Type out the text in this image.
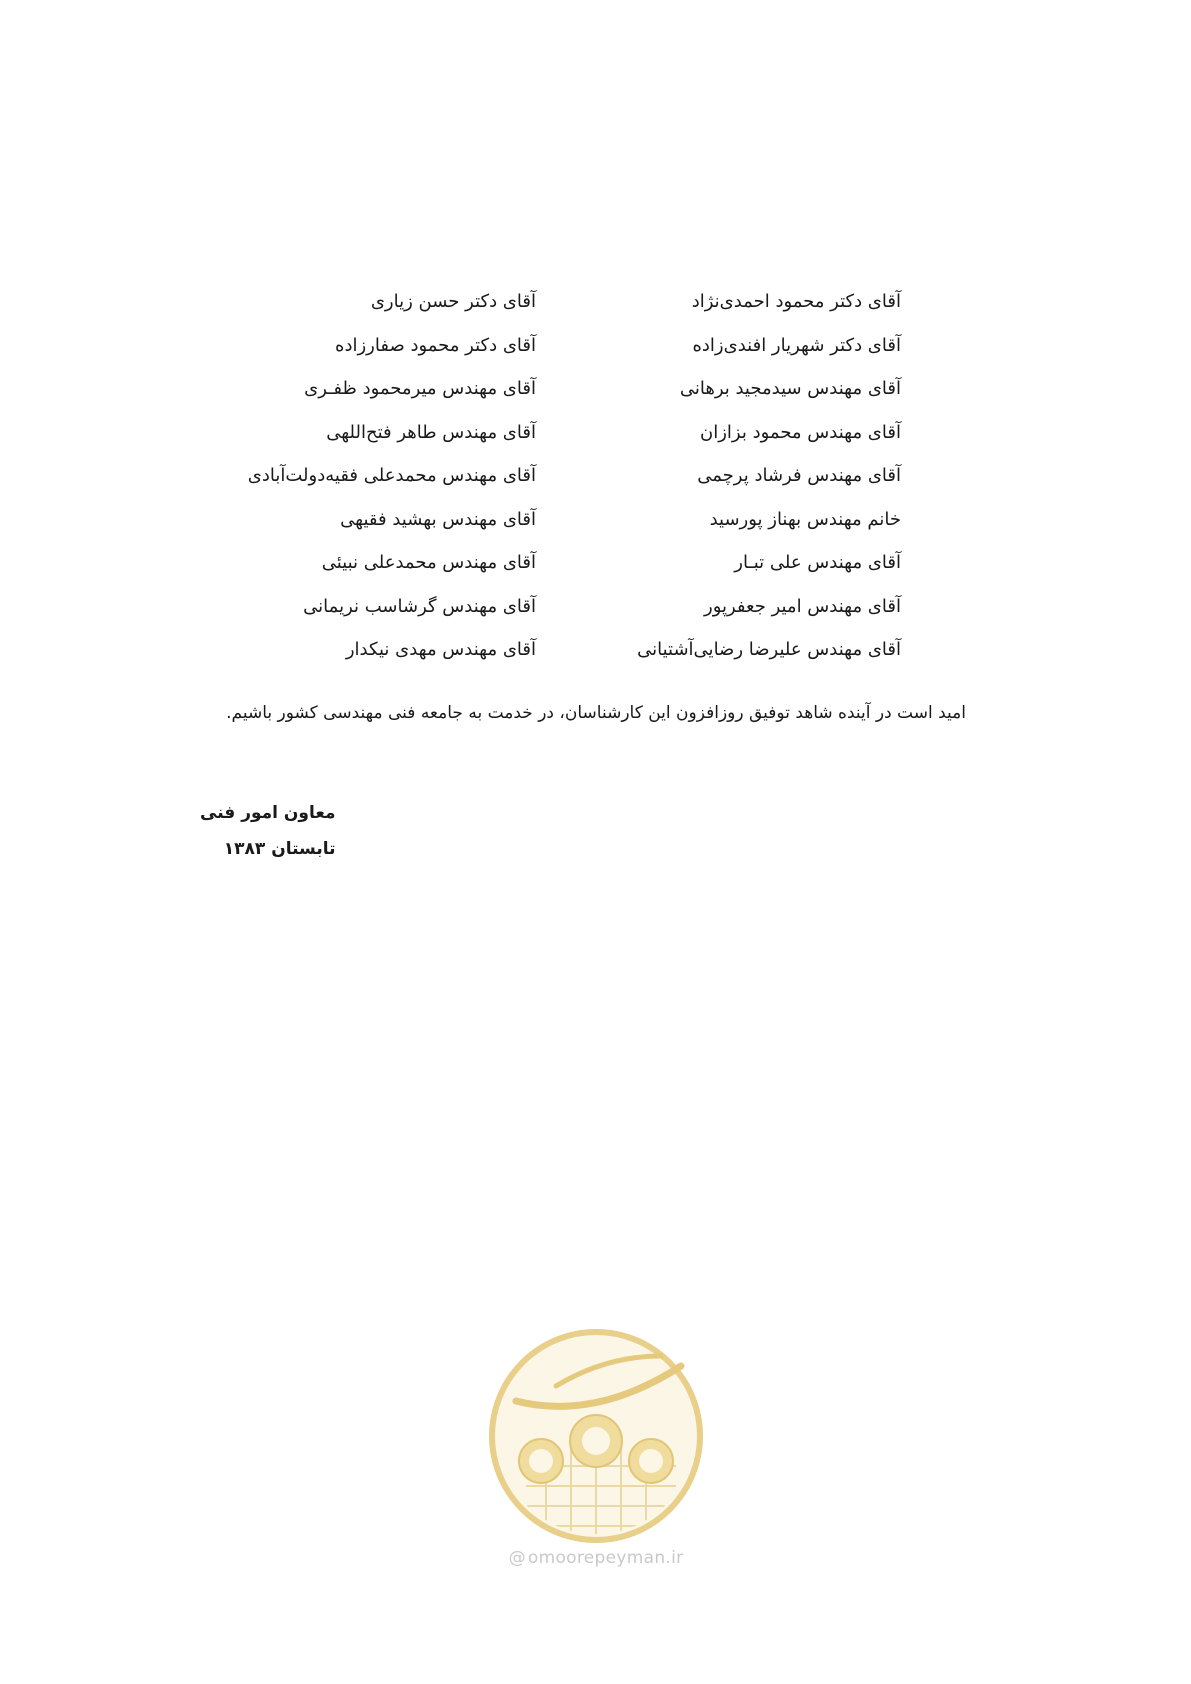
آقای دکتر محمود احمدی‌نژاد
آقای دکتر شهریار افندی‌زاده
آقای مهندس سیدمجید برهانی
آقای مهندس محمود بزازان
آقای مهندس فرشاد پرچمی
خانم مهندس بهناز پورسید
آقای مهندس علی تبـار
آقای مهندس امیر جعفرپور
آقای مهندس علیرضا رضایی‌آشتیانی
آقای دکتر حسن زیاری
آقای دکتر محمود صفارزاده
آقای مهندس میرمحمود ظفـری
آقای مهندس طاهر فتح‌اللهی
آقای مهندس محمدعلی فقیه‌دولت‌آبادی
آقای مهندس بهشید فقیهی
آقای مهندس محمدعلی نبیئی
آقای مهندس گرشاسب نریمانی
آقای مهندس مهدی نیکدار
امید است در آینده شاهد توفیق روزافزون این کارشناسان، در خدمت به جامعه فنی مهندسی کشور باشیم.
معاون امور فنی
تابستان ۱۳۸۳
@ omoorepeyman.ir
